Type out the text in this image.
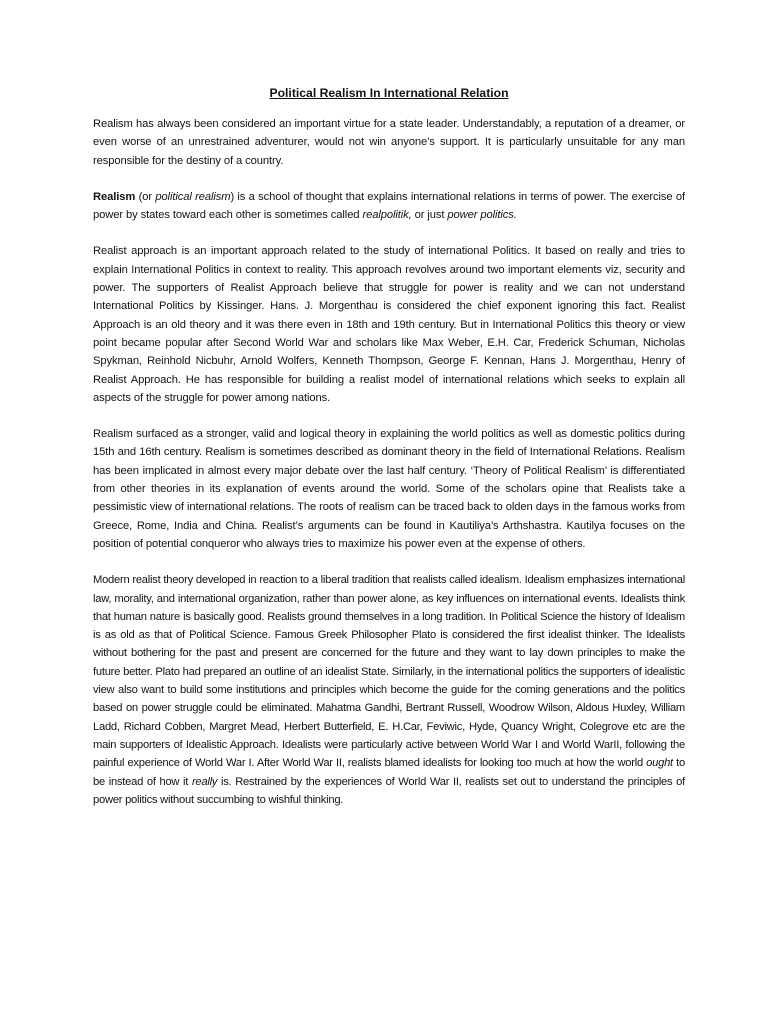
Political Realism In International Relation

Realism has always been considered an important virtue for a state leader. Understandably, a reputation of a dreamer, or even worse of an unrestrained adventurer, would not win anyone’s support. It is particularly unsuitable for any man responsible for the destiny of a country.

Realism (or political realism) is a school of thought that explains international relations in terms of power. The exercise of power by states toward each other is sometimes called realpolitik, or just power politics.

Realist approach is an important approach related to the study of international Politics. It based on really and tries to explain International Politics in context to reality. This approach revolves around two important elements viz, security and power. The supporters of Realist Approach believe that struggle for power is reality and we can not understand International Politics by Kissinger. Hans. J. Morgenthau is considered the chief exponent ignoring this fact. Realist Approach is an old theory and it was there even in 18th and 19th century. But in International Politics this theory or view point became popular after Second World War and scholars like Max Weber, E.H. Car, Frederick Schuman, Nicholas Spykman, Reinhold Nicbuhr, Arnold Wolfers, Kenneth Thompson, George F. Kennan, Hans J. Morgenthau, Henry of Realist Approach. He has responsible for building a realist model of international relations which seeks to explain all aspects of the struggle for power among nations.

Realism surfaced as a stronger, valid and logical theory in explaining the world politics as well as domestic politics during 15th and 16th century. Realism is sometimes described as dominant theory in the field of International Relations. Realism has been implicated in almost every major debate over the last half century. ‘Theory of Political Realism’ is differentiated from other theories in its explanation of events around the world. Some of the scholars opine that Realists take a pessimistic view of international relations. The roots of realism can be traced back to olden days in the famous works from Greece, Rome, India and China. Realist’s arguments can be found in Kautiliya’s Arthshastra. Kautilya focuses on the position of potential conqueror who always tries to maximize his power even at the expense of others.

Modern realist theory developed in reaction to a liberal tradition that realists called idealism. Idealism emphasizes international law, morality, and international organization, rather than power alone, as key influences on international events. Idealists think that human nature is basically good. Realists ground themselves in a long tradition. In Political Science the history of Idealism is as old as that of Political Science. Famous Greek Philosopher Plato is considered the first idealist thinker. The Idealists without bothering for the past and present are concerned for the future and they want to lay down principles to make the future better. Plato had prepared an outline of an idealist State. Similarly, in the international politics the supporters of idealistic view also want to build some institutions and principles which become the guide for the coming generations and the politics based on power struggle could be eliminated. Mahatma Gandhi, Bertrant Russell, Woodrow Wilson, Aldous Huxley, William Ladd, Richard Cobben, Margret Mead, Herbert Butterfield, E. H.Car, Feviwic, Hyde, Quancy Wright, Colegrove etc are the main supporters of Idealistic Approach. Idealists were particularly active between World War I and World WarII, following the painful experience of World War I. After World War II, realists blamed idealists for looking too much at how the world ought to be instead of how it really is. Restrained by the experiences of World War II, realists set out to understand the principles of power politics without succumbing to wishful thinking.
